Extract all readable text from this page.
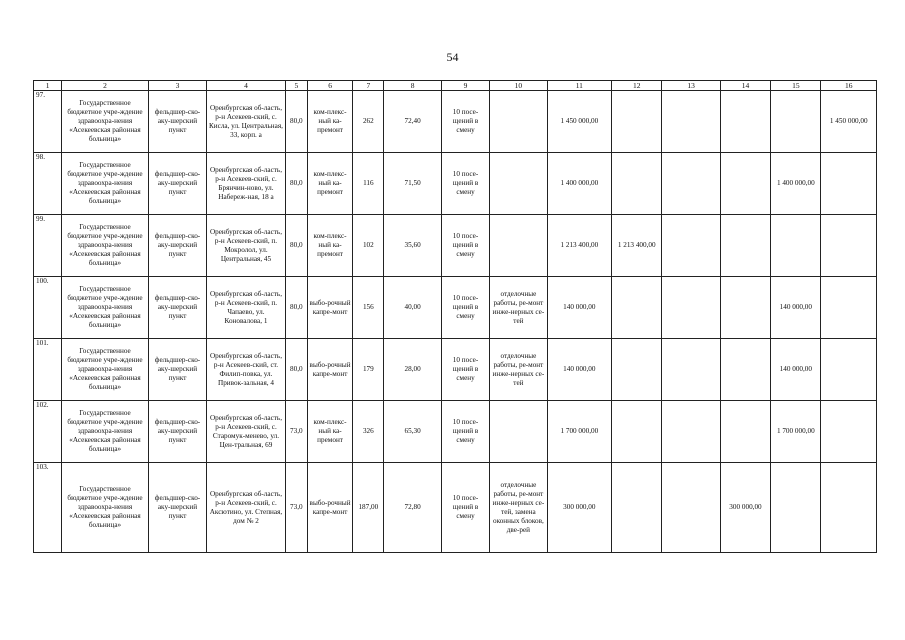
54
1	2	3	4	5	6	7	8	9	10	11	12	13	14	15	16
97.	Государственное бюджетное учре-ждение здравоохра-нения «Асекеевская районная больница»	фельдшер-ско-аку-шерский пункт	Оренбургская об-ласть, р-н Асекеев-ский, с. Кисла, ул. Центральная, 33, корп. а	80,0	ком-плекс-ный ка-премонт	262	72,40	10 посе-щений в смену		1 450 000,00					1 450 000,00
98.	Государственное бюджетное учре-ждение здравоохра-нения «Асекеевская районная больница»	фельдшер-ско-аку-шерский пункт	Оренбургская об-ласть, р-н Асекеев-ский, с. Брянчин-ново, ул. Набереж-ная, 18 а	80,0	ком-плекс-ный ка-премонт	116	71,50	10 посе-щений в смену		1 400 000,00				1 400 000,00	
99.	Государственное бюджетное учре-ждение здравоохра-нения «Асекеевская районная больница»	фельдшер-ско-аку-шерский пункт	Оренбургская об-ласть, р-н Асекеев-ский, п. Мокролол, ул. Центральная, 45	80,0	ком-плекс-ный ка-премонт	102	35,60	10 посе-щений в смену		1 213 400,00	1 213 400,00				
100.	Государственное бюджетное учре-ждение здравоохра-нения «Асекеевская районная больница»	фельдшер-ско-аку-шерский пункт	Оренбургская об-ласть, р-н Асекеев-ский, п. Чапаево, ул. Коновалова, 1	80,0	выбо-рочный капре-монт	156	40,00	10 посе-щений в смену	отделочные работы, ре-монт инже-нерных се-тей	140 000,00				140 000,00	
101.	Государственное бюджетное учре-ждение здравоохра-нения «Асекеевская районная больница»	фельдшер-ско-аку-шерский пункт	Оренбургская об-ласть, р-н Асекеев-ский, ст. Филип-повка, ул. Привок-зальная, 4	80,0	выбо-рочный капре-монт	179	28,00	10 посе-щений в смену	отделочные работы, ре-монт инже-нерных се-тей	140 000,00				140 000,00	
102.	Государственное бюджетное учре-ждение здравоохра-нения «Асекеевская районная больница»	фельдшер-ско-аку-шерский пункт	Оренбургская об-ласть, р-н Асекеев-ский, с. Старомук-менево, ул. Цен-тральная, 69	73,0	ком-плекс-ный ка-премонт	326	65,30	10 посе-щений в смену		1 700 000,00				1 700 000,00	
103.	Государственное бюджетное учре-ждение здравоохра-нения «Асекеевская районная больница»	фельдшер-ско-аку-шерский пункт	Оренбургская об-ласть, р-н Асекеев-ский, с. Аксютино, ул. Степная, дом № 2	73,0	выбо-рочный капре-монт	187,00	72,80	10 посе-щений в смену	отделочные работы, ре-монт инже-нерных се-тей, замена оконных блоков, две-рей	300 000,00			300 000,00		
